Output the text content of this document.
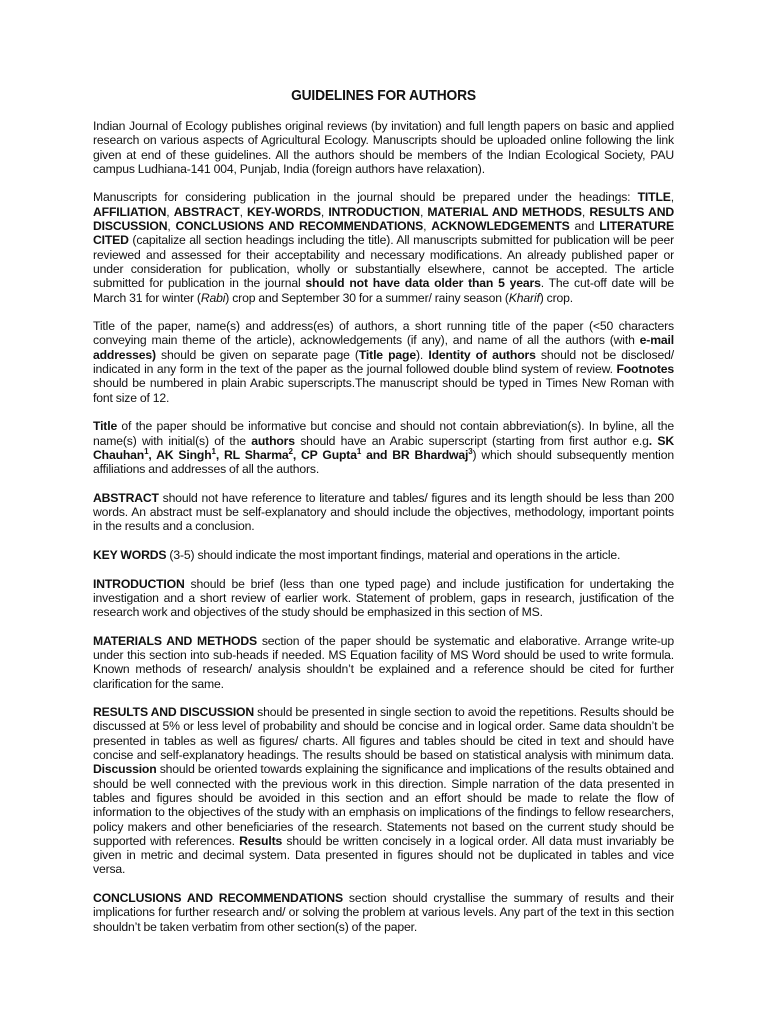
GUIDELINES FOR AUTHORS

Indian Journal of Ecology publishes original reviews (by invitation) and full length papers on basic and applied research on various aspects of Agricultural Ecology. Manuscripts should be uploaded online following the link given at end of these guidelines. All the authors should be members of the Indian Ecological Society, PAU campus Ludhiana-141 004, Punjab, India (foreign authors have relaxation).

Manuscripts for considering publication in the journal should be prepared under the headings: TITLE, AFFILIATION, ABSTRACT, KEY-WORDS, INTRODUCTION, MATERIAL AND METHODS, RESULTS AND DISCUSSION, CONCLUSIONS AND RECOMMENDATIONS, ACKNOWLEDGEMENTS and LITERATURE CITED (capitalize all section headings including the title). All manuscripts submitted for publication will be peer reviewed and assessed for their acceptability and necessary modifications. An already published paper or under consideration for publication, wholly or substantially elsewhere, cannot be accepted. The article submitted for publication in the journal should not have data older than 5 years. The cut-off date will be March 31 for winter (Rabi) crop and September 30 for a summer/ rainy season (Kharif) crop.

Title of the paper, name(s) and address(es) of authors, a short running title of the paper (<50 characters conveying main theme of the article), acknowledgements (if any), and name of all the authors (with e-mail addresses) should be given on separate page (Title page). Identity of authors should not be disclosed/ indicated in any form in the text of the paper as the journal followed double blind system of review. Footnotes should be numbered in plain Arabic superscripts.The manuscript should be typed in Times New Roman with font size of 12.

Title of the paper should be informative but concise and should not contain abbreviation(s). In byline, all the name(s) with initial(s) of the authors should have an Arabic superscript (starting from first author e.g. SK Chauhan$^1$, AK Singh$^1$, RL Sharma$^2$, CP Gupta$^1$ and BR Bhardwaj$^3$) which should subsequently mention affiliations and addresses of all the authors.

ABSTRACT should not have reference to literature and tables/ figures and its length should be less than 200 words. An abstract must be self-explanatory and should include the objectives, methodology, important points in the results and a conclusion.

KEY WORDS (3-5) should indicate the most important findings, material and operations in the article.

INTRODUCTION should be brief (less than one typed page) and include justification for undertaking the investigation and a short review of earlier work. Statement of problem, gaps in research, justification of the research work and objectives of the study should be emphasized in this section of MS.

MATERIALS AND METHODS section of the paper should be systematic and elaborative. Arrange write-up under this section into sub-heads if needed. MS Equation facility of MS Word should be used to write formula. Known methods of research/ analysis shouldn’t be explained and a reference should be cited for further clarification for the same.

RESULTS AND DISCUSSION should be presented in single section to avoid the repetitions. Results should be discussed at 5% or less level of probability and should be concise and in logical order. Same data shouldn’t be presented in tables as well as figures/ charts. All figures and tables should be cited in text and should have concise and self-explanatory headings. The results should be based on statistical analysis with minimum data. Discussion should be oriented towards explaining the significance and implications of the results obtained and should be well connected with the previous work in this direction. Simple narration of the data presented in tables and figures should be avoided in this section and an effort should be made to relate the flow of information to the objectives of the study with an emphasis on implications of the findings to fellow researchers, policy makers and other beneficiaries of the research. Statements not based on the current study should be supported with references. Results should be written concisely in a logical order. All data must invariably be given in metric and decimal system. Data presented in figures should not be duplicated in tables and vice versa.

CONCLUSIONS AND RECOMMENDATIONS section should crystallise the summary of results and their implications for further research and/ or solving the problem at various levels. Any part of the text in this section shouldn’t be taken verbatim from other section(s) of the paper.
